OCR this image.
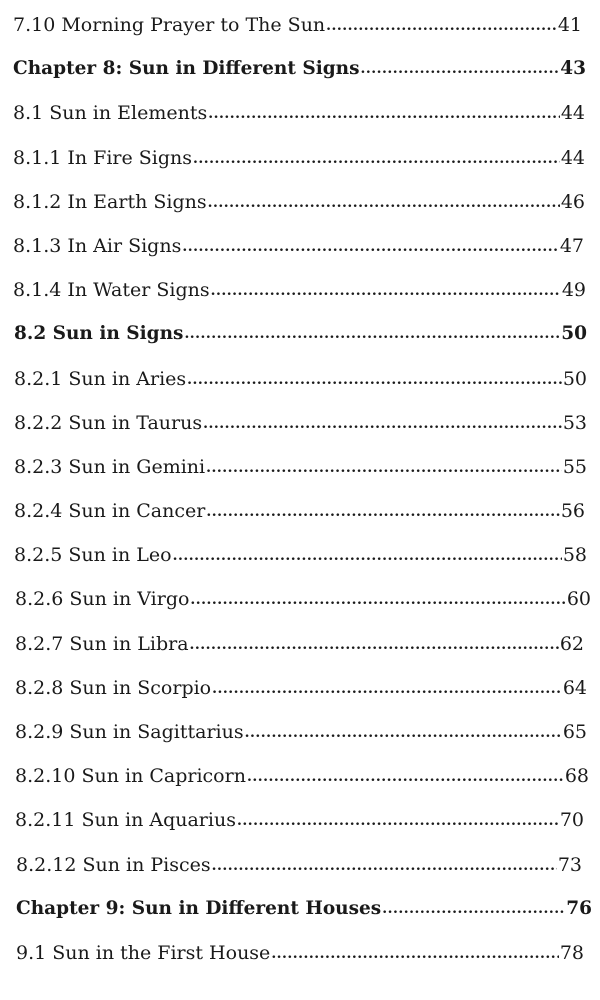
7.10 Morning Prayer to The Sun .....	41
Chapter 8: Sun in Different Signs .....	43
8.1 Sun in Elements .....	44
8.1.1 In Fire Signs .....	44
8.1.2 In Earth Signs .....	46
8.1.3 In Air Signs .....	47
8.1.4 In Water Signs .....	49
8.2 Sun in Signs .....	50
8.2.1 Sun in Aries .....	50
8.2.2 Sun in Taurus .....	53
8.2.3 Sun in Gemini .....	55
8.2.4 Sun in Cancer .....	56
8.2.5 Sun in Leo .....	58
8.2.6 Sun in Virgo .....	60
8.2.7 Sun in Libra .....	62
8.2.8 Sun in Scorpio .....	64
8.2.9 Sun in Sagittarius .....	65
8.2.10 Sun in Capricorn .....	68
8.2.11 Sun in Aquarius .....	70
8.2.12 Sun in Pisces .....	73
Chapter 9: Sun in Different Houses .....	76
9.1 Sun in the First House .....	78
